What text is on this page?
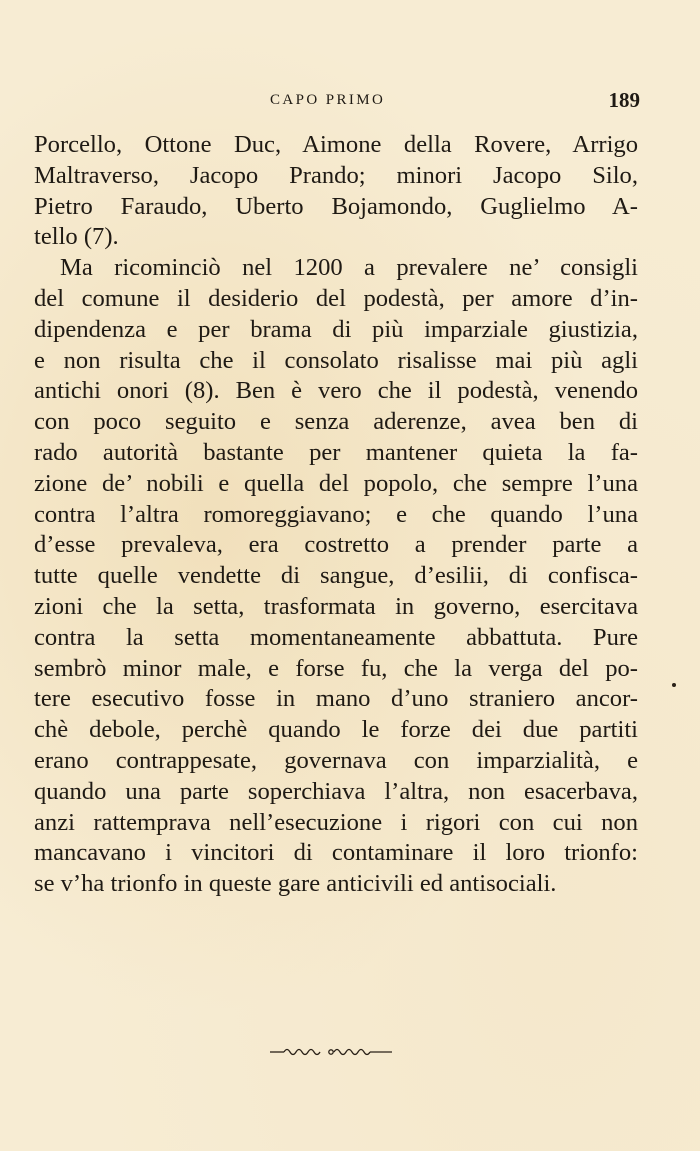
CAPO PRIMO	189
Porcello, Ottone Duc, Aimone della Rovere, Arrigo
Maltraverso, Jacopo Prando; minori Jacopo Silo,
Pietro Faraudo, Uberto Bojamondo, Guglielmo A-
tello (7).
Ma ricominciò nel 1200 a prevalere ne’ consigli
del comune il desiderio del podestà, per amore d’in-
dipendenza e per brama di più imparziale giustizia,
e non risulta che il consolato risalisse mai più agli
antichi onori (8). Ben è vero che il podestà, venendo
con poco seguito e senza aderenze, avea ben di
rado autorità bastante per mantener quieta la fa-
zione de’ nobili e quella del popolo, che sempre l’una
contra l’altra romoreggiavano; e che quando l’una
d’esse prevaleva, era costretto a prender parte a
tutte quelle vendette di sangue, d’esilii, di confisca-
zioni che la setta, trasformata in governo, esercitava
contra la setta momentaneamente abbattuta. Pure
sembrò minor male, e forse fu, che la verga del po-
tere esecutivo fosse in mano d’uno straniero ancor-
chè debole, perchè quando le forze dei due partiti
erano contrappesate, governava con imparzialità, e
quando una parte soperchiava l’altra, non esacerbava,
anzi rattemprava nell’esecuzione i rigori con cui non
mancavano i vincitori di contaminare il loro trionfo:
se v’ha trionfo in queste gare anticivili ed antisociali.
